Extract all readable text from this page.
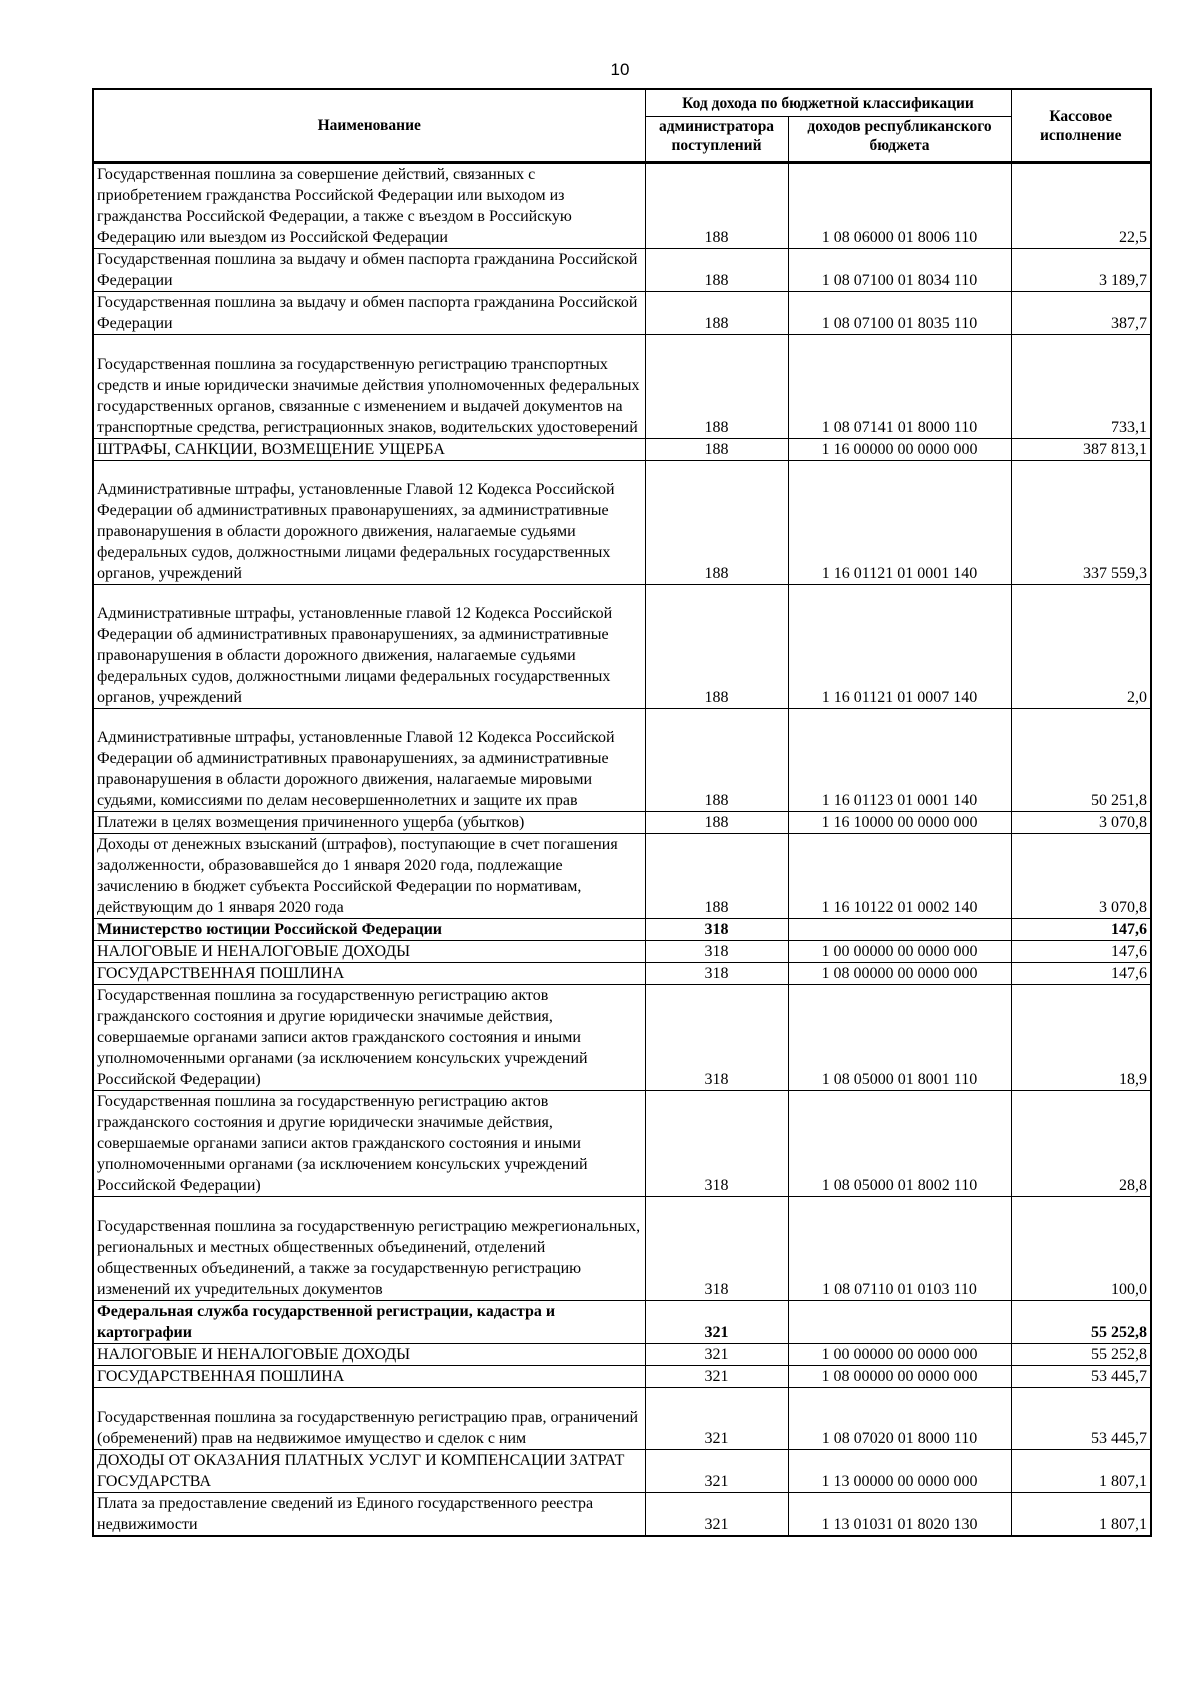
10
Наименование	Код дохода по бюджетной классификации		Кассовое исполнение
	администратора поступлений	доходов республиканского бюджета	
Государственная пошлина за совершение действий, связанных с приобретением гражданства Российской Федерации или выходом из гражданства Российской Федерации, а также с въездом в Российскую Федерацию или выездом из Российской Федерации	188	1 08 06000 01 8006 110	22,5
Государственная пошлина за выдачу и обмен паспорта гражданина Российской Федерации	188	1 08 07100 01 8034 110	3 189,7
Государственная пошлина за выдачу и обмен паспорта гражданина Российской Федерации	188	1 08 07100 01 8035 110	387,7
Государственная пошлина за государственную регистрацию транспортных средств и иные юридически значимые действия уполномоченных федеральных государственных органов, связанные с изменением и выдачей документов на транспортные средства, регистрационных знаков, водительских удостоверений	188	1 08 07141 01 8000 110	733,1
ШТРАФЫ, САНКЦИИ, ВОЗМЕЩЕНИЕ УЩЕРБА	188	1 16 00000 00 0000 000	387 813,1
Административные штрафы, установленные Главой 12 Кодекса Российской Федерации об административных правонарушениях, за административные правонарушения в области дорожного движения, налагаемые судьями федеральных судов, должностными лицами федеральных государственных органов, учреждений	188	1 16 01121 01 0001 140	337 559,3
Административные штрафы, установленные главой 12 Кодекса Российской Федерации об административных правонарушениях, за административные правонарушения в области дорожного движения, налагаемые судьями федеральных судов, должностными лицами федеральных государственных органов, учреждений	188	1 16 01121 01 0007 140	2,0
Административные штрафы, установленные Главой 12 Кодекса Российской Федерации об административных правонарушениях, за административные правонарушения в области дорожного движения, налагаемые мировыми судьями, комиссиями по делам несовершеннолетних и защите их прав	188	1 16 01123 01 0001 140	50 251,8
Платежи в целях возмещения причиненного ущерба (убытков)	188	1 16 10000 00 0000 000	3 070,8
Доходы от денежных взысканий (штрафов), поступающие в счет погашения задолженности, образовавшейся до 1 января 2020 года, подлежащие зачислению в бюджет субъекта Российской Федерации по нормативам, действующим до 1 января 2020 года	188	1 16 10122 01 0002 140	3 070,8
Министерство юстиции Российской Федерации	318		147,6
НАЛОГОВЫЕ И НЕНАЛОГОВЫЕ ДОХОДЫ	318	1 00 00000 00 0000 000	147,6
ГОСУДАРСТВЕННАЯ ПОШЛИНА	318	1 08 00000 00 0000 000	147,6
Государственная пошлина за государственную регистрацию актов гражданского состояния и другие юридически значимые действия, совершаемые органами записи актов гражданского состояния и иными уполномоченными органами (за исключением консульских учреждений Российской Федерации)	318	1 08 05000 01 8001 110	18,9
Государственная пошлина за государственную регистрацию актов гражданского состояния и другие юридически значимые действия, совершаемые органами записи актов гражданского состояния и иными уполномоченными органами (за исключением консульских учреждений Российской Федерации)	318	1 08 05000 01 8002 110	28,8
Государственная пошлина за государственную регистрацию межрегиональных, региональных и местных общественных объединений, отделений общественных объединений, а также за государственную регистрацию изменений их учредительных документов	318	1 08 07110 01 0103 110	100,0
Федеральная служба государственной регистрации, кадастра и картографии	321		55 252,8
НАЛОГОВЫЕ И НЕНАЛОГОВЫЕ ДОХОДЫ	321	1 00 00000 00 0000 000	55 252,8
ГОСУДАРСТВЕННАЯ ПОШЛИНА	321	1 08 00000 00 0000 000	53 445,7
Государственная пошлина за государственную регистрацию прав, ограничений (обременений) прав на недвижимое имущество и сделок с ним	321	1 08 07020 01 8000 110	53 445,7
ДОХОДЫ ОТ ОКАЗАНИЯ ПЛАТНЫХ УСЛУГ И КОМПЕНСАЦИИ ЗАТРАТ ГОСУДАРСТВА	321	1 13 00000 00 0000 000	1 807,1
Плата за предоставление сведений из Единого государственного реестра недвижимости	321	1 13 01031 01 8020 130	1 807,1
